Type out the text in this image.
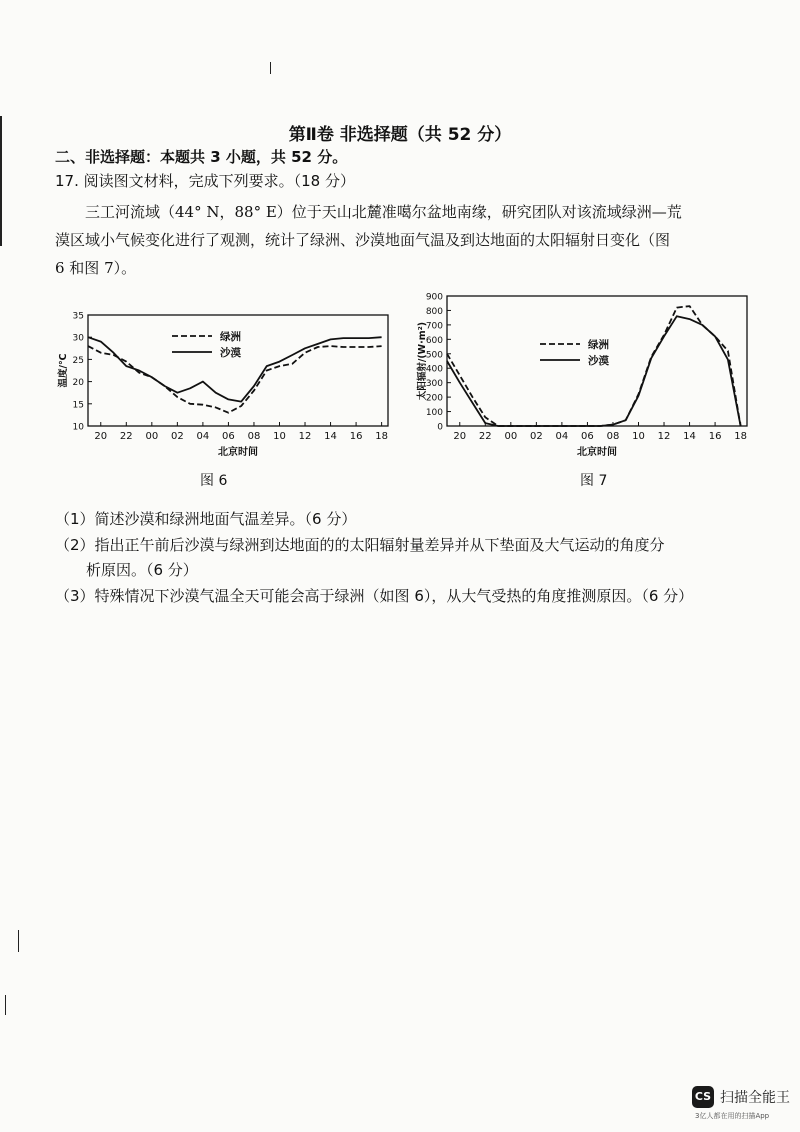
第Ⅱ卷 非选择题（共 52 分）
二、非选择题：本题共 3 小题，共 52 分。
17. 阅读图文材料，完成下列要求。（18 分）
三工河流域（44° N，88° E）位于天山北麓准噶尔盆地南缘，研究团队对该流域绿洲—荒
漠区域小气候变化进行了观测，统计了绿洲、沙漠地面气温及到达地面的太阳辐射日变化（图
6 和图 7）。
10
15
20
25
30
35
20 22 00 02 04 06 08 10 12 14 16 18
北京时间
温度/℃
绿洲
沙漠
图 6
0
100
200
300
400
500
600
700
800
900
20 22 00 02 04 06 08 10 12 14 16 18
北京时间
太阳辐射/(W·m²)	绿洲
沙漠
图 7
（1）简述沙漠和绿洲地面气温差异。（6 分）
（2）指出正午前后沙漠与绿洲到达地面的的太阳辐射量差异并从下垫面及大气运动的角度分
析原因。（6 分）
（3）特殊情况下沙漠气温全天可能会高于绿洲（如图 6），从大气受热的角度推测原因。（6 分）
CS 扫描全能王
3亿人都在用的扫描App
